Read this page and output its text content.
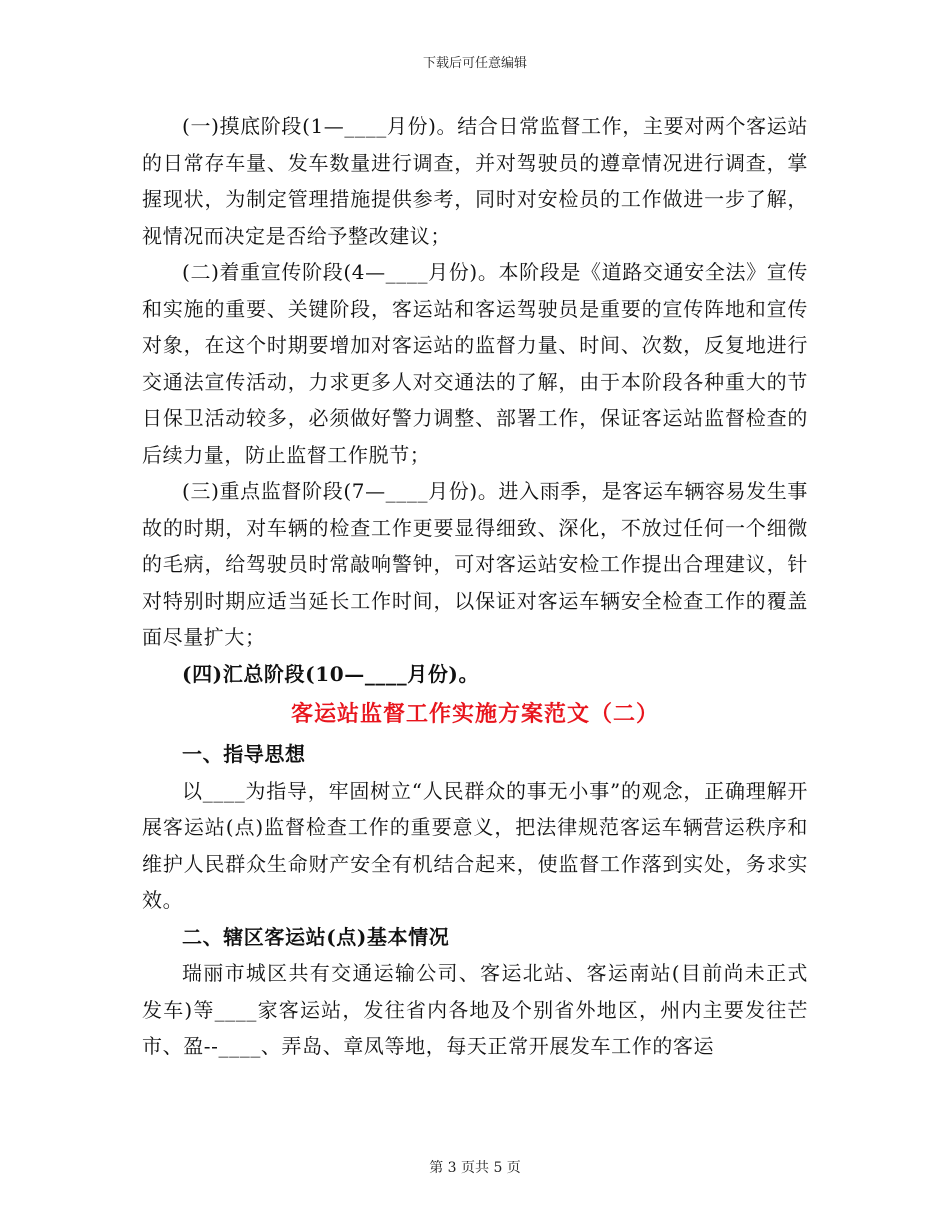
下载后可任意编辑

(一)摸底阶段(1—____月份)。结合日常监督工作，主要对两个客运站的日常存车量、发车数量进行调查，并对驾驶员的遵章情况进行调查，掌握现状，为制定管理措施提供参考，同时对安检员的工作做进一步了解，视情况而决定是否给予整改建议；

(二)着重宣传阶段(4—____月份)。本阶段是《道路交通安全法》宣传和实施的重要、关键阶段，客运站和客运驾驶员是重要的宣传阵地和宣传对象，在这个时期要增加对客运站的监督力量、时间、次数，反复地进行交通法宣传活动，力求更多人对交通法的了解，由于本阶段各种重大的节日保卫活动较多，必须做好警力调整、部署工作，保证客运站监督检查的后续力量，防止监督工作脱节；

(三)重点监督阶段(7—____月份)。进入雨季，是客运车辆容易发生事故的时期，对车辆的检查工作更要显得细致、深化，不放过任何一个细微的毛病，给驾驶员时常敲响警钟，可对客运站安检工作提出合理建议，针对特别时期应适当延长工作时间，以保证对客运车辆安全检查工作的覆盖面尽量扩大；

(四)汇总阶段(10—____月份)。

客运站监督工作实施方案范文（二）
一、指导思想

以____为指导，牢固树立“人民群众的事无小事”的观念，正确理解开展客运站(点)监督检查工作的重要意义，把法律规范客运车辆营运秩序和维护人民群众生命财产安全有机结合起来，使监督工作落到实处，务求实效。

二、辖区客运站(点)基本情况

瑞丽市城区共有交通运输公司、客运北站、客运南站(目前尚未正式发车)等____家客运站，发往省内各地及个别省外地区，州内主要发往芒市、盈--____、弄岛、章凤等地，每天正常开展发车工作的客运

第 3 页共 5 页
